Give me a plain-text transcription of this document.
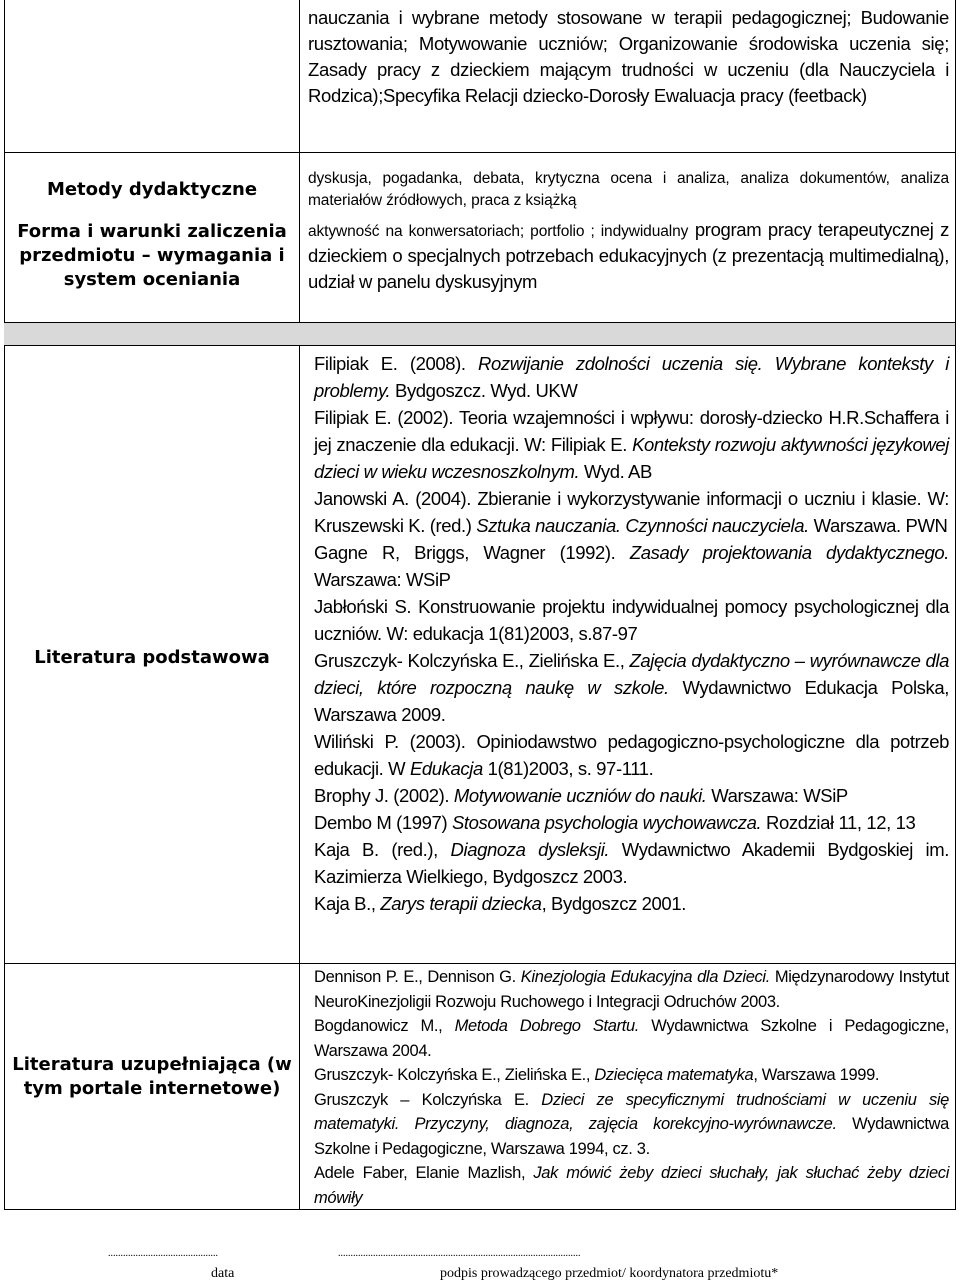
nauczania i wybrane metody stosowane w terapii pedagogicznej; Budowanie rusztowania; Motywowanie uczniów; Organizowanie środowiska uczenia się; Zasady pracy z dzieckiem mającym trudności w uczeniu (dla Nauczyciela i Rodzica);Specyfika Relacji dziecko-Dorosły Ewaluacja pracy (feetback)

Metody dydaktyczne
Forma i warunki zaliczenia przedmiotu – wymagania i system oceniania

dyskusja, pogadanka, debata, krytyczna ocena i analiza, analiza dokumentów, analiza materiałów źródłowych, praca z książką

aktywność na konwersatoriach; portfolio ; indywidualny program pracy terapeutycznej z dzieckiem o specjalnych potrzebach edukacyjnych (z prezentacją multimedialną), udział w panelu dyskusyjnym

Literatura podstawowa

Filipiak E. (2008). Rozwijanie zdolności uczenia się. Wybrane konteksty i problemy. Bydgoszcz. Wyd. UKW

Filipiak E. (2002). Teoria wzajemności i wpływu: dorosły-dziecko H.R.Schaffera i jej znaczenie dla edukacji. W: Filipiak E. Konteksty rozwoju aktywności językowej dzieci w wieku wczesnoszkolnym. Wyd. AB

Janowski A. (2004). Zbieranie i wykorzystywanie informacji o uczniu i klasie. W: Kruszewski K. (red.) Sztuka nauczania. Czynności nauczyciela. Warszawa. PWN

Gagne R, Briggs, Wagner (1992). Zasady projektowania dydaktycznego. Warszawa: WSiP

Jabłoński S. Konstruowanie projektu indywidualnej pomocy psychologicznej dla uczniów. W: edukacja 1(81)2003, s.87-97

Gruszczyk- Kolczyńska E., Zielińska E., Zajęcia dydaktyczno – wyrównawcze dla dzieci, które rozpoczną naukę w szkole. Wydawnictwo Edukacja Polska, Warszawa 2009.

Wiliński P. (2003). Opiniodawstwo pedagogiczno-psychologiczne dla potrzeb edukacji. W Edukacja 1(81)2003, s. 97-111.

Brophy J. (2002). Motywowanie uczniów do nauki. Warszawa: WSiP

Dembo M (1997) Stosowana psychologia wychowawcza. Rozdział 11, 12, 13

Kaja B. (red.), Diagnoza dysleksji. Wydawnictwo Akademii Bydgoskiej im. Kazimierza Wielkiego, Bydgoszcz 2003.

Kaja B., Zarys terapii dziecka, Bydgoszcz 2001.

Literatura uzupełniająca (w tym portale internetowe)

Dennison P. E., Dennison G. Kinezjologia Edukacyjna dla Dzieci. Międzynarodowy Instytut NeuroKinezjoligii Rozwoju Ruchowego i Integracji Odruchów 2003.

Bogdanowicz M., Metoda Dobrego Startu. Wydawnictwa Szkolne i Pedagogiczne, Warszawa 2004.

Gruszczyk- Kolczyńska E., Zielińska E., Dziecięca matematyka, Warszawa 1999.

Gruszczyk – Kolczyńska E. Dzieci ze specyficznymi trudnościami w uczeniu się matematyki. Przyczyny, diagnoza, zajęcia korekcyjno-wyrównawcze. Wydawnictwa Szkolne i Pedagogiczne, Warszawa 1994, cz. 3.

Adele Faber, Elanie Mazlish, Jak mówić żeby dzieci słuchały, jak słuchać żeby dzieci mówiły

............................................
data
.................................................................................................
podpis prowadzącego przedmiot/ koordynatora przedmiotu*
